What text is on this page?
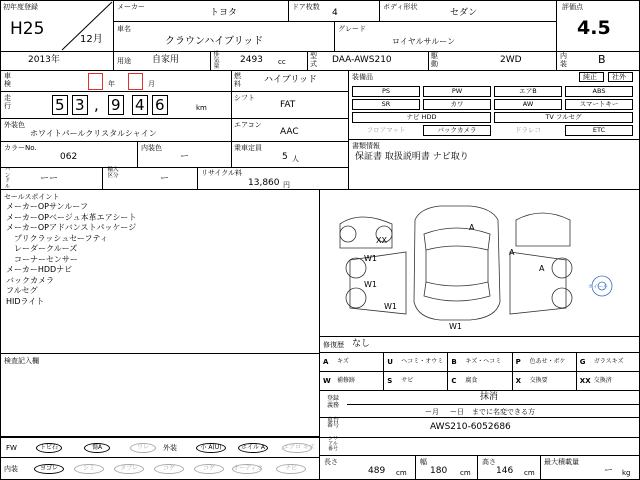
初年度登録
H25
12月
メーカー
トヨタ
ドア枚数
4
ボディ形状
セダン
評価点
4.5
車名
クラウンハイブリッド
グレード
ロイヤルサルーン
2013年	用途 自家用
排気量
2493 cc
型式 DAA-AWS210	駆動	2WD	内装	B
車検	年	月
燃料	ハイブリッド
走行	5 3 , 9 4 6	km
シフト
FAT
外装色
ホワイトパールクリスタルシャイン
エアコン
AAC
カラーNo.
062
内装色
ー
乗車定員
5 人
ハンドル
ーー
輸入区分	ー
リサイクル料
13,860 円
装備品	純正 社外
PS	PW	エアB	ABS
SR	カワ	AW	スマートキー
ナビ HDD	TV フルセグ
フロアマット	バックカメラ	ドラレコ	ETC
書類情報
保証書 取扱説明書 ナビ取り
セールスポイント
メーカーOPサンルーフ
メーカーOPベージュ本革エアシート
メーカーOPアドバンストパッケージ
　プリクラッシュセーフティ
　レーダークルーズ
　コーナーセンサー
メーカーHDDナビ
バックカメラ
フルセグ
HIDライト
検査記入欄
A
XX
W1
A
A
W1
W1
W1
ホイール
修復歴 なし
A キズ	U ヘコミ・オウミ B キズ・ヘコミ P 色あせ・ボケ G ガラスキズ
W 補修跡	S サビ	C 腐食	X 交換要	XX 交換済
登録義務
抹消
ー月 ー日 までに名変できる方
車台番号	AWS210-6052686
シリアル番号
FW	トビ石	傷A	ワレ	外装	小 A(U)	ホイル A	エアロ キズ
長さ
489 cm
幅
180 cm
高さ
146 cm
最大積載量
ー kg
内装	ヨゴレ	シミ	タブレ	コゲ	コゲ	オーディオ	ナビ
